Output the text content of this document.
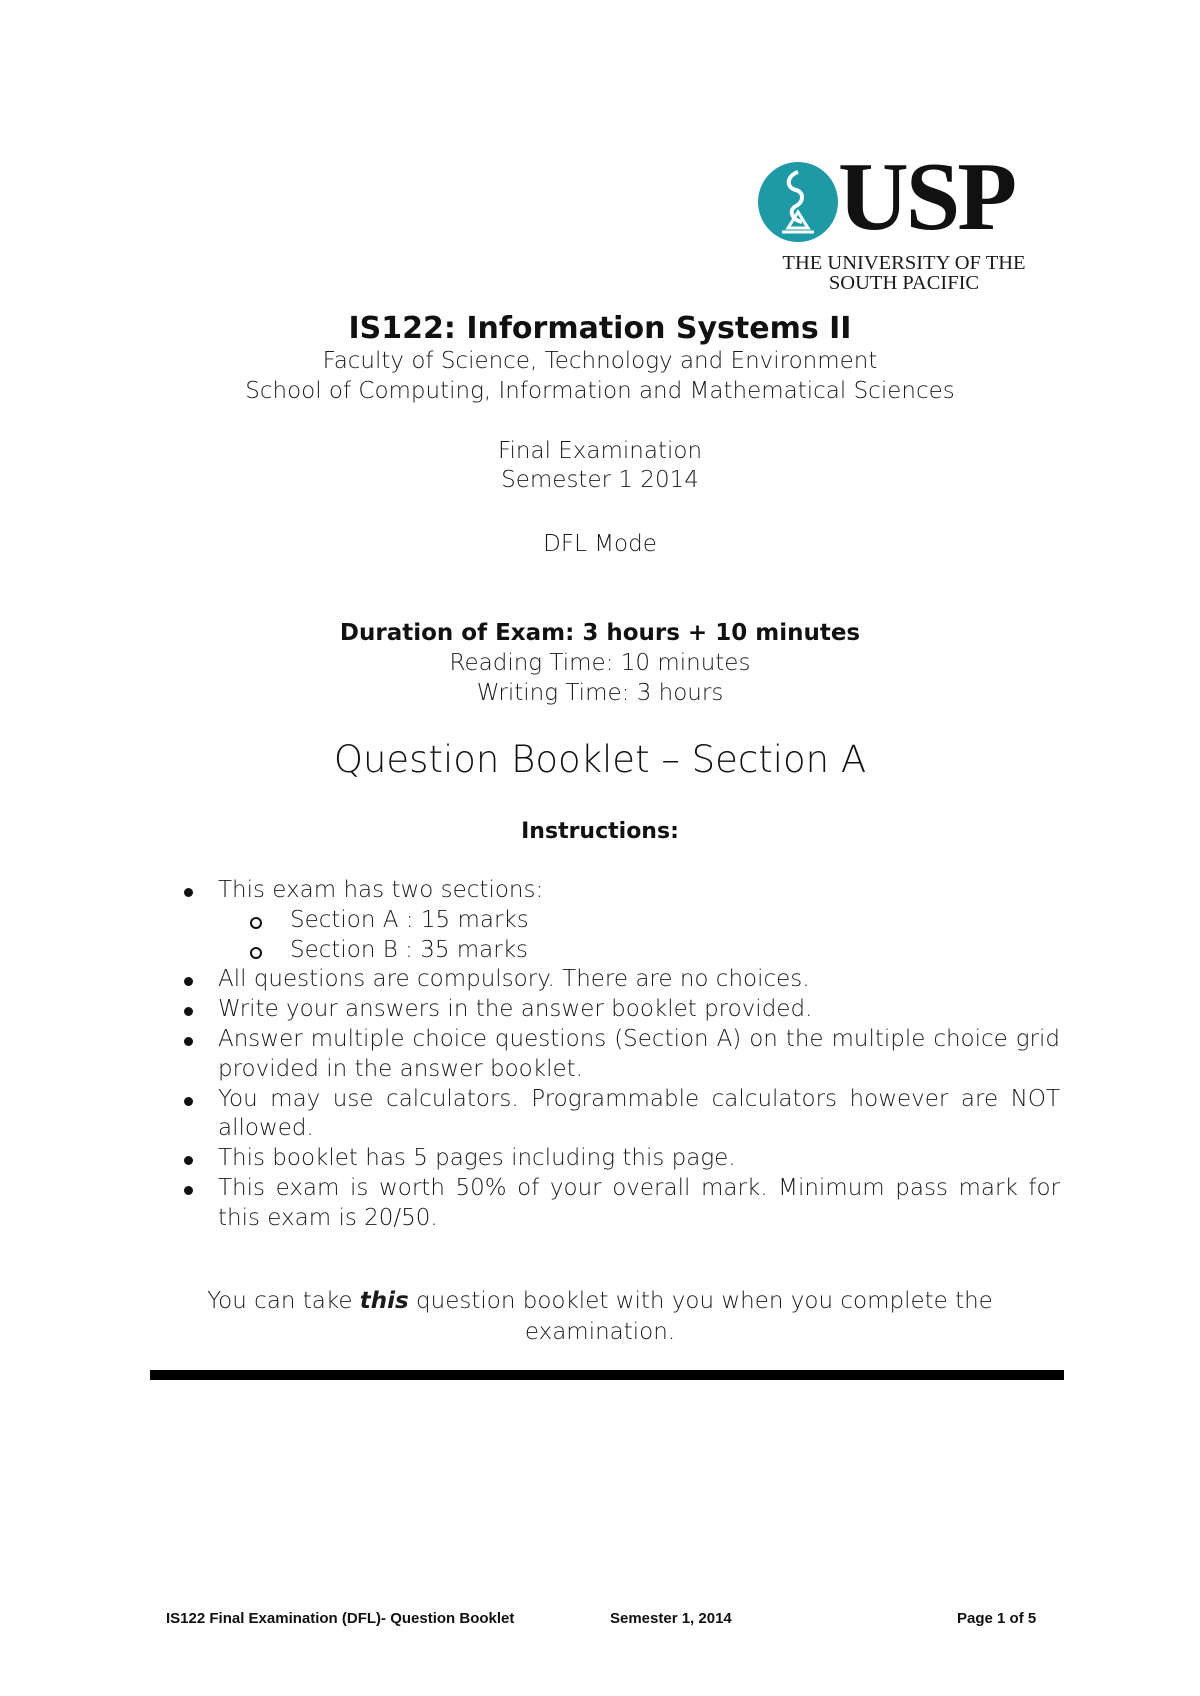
USP
THE UNIVERSITY OF THE
SOUTH PACIFIC
IS122: Information Systems II
Faculty of Science, Technology and Environment
School of Computing, Information and Mathematical Sciences
Final Examination
Semester 1 2014
DFL Mode
Duration of Exam: 3 hours + 10 minutes
Reading Time: 10 minutes
Writing Time: 3 hours
Question Booklet – Section A
Instructions:
This exam has two sections:
Section A : 15 marks
Section B : 35 marks
All questions are compulsory. There are no choices.
Write your answers in the answer booklet provided.
Answer multiple choice questions (Section A) on the multiple choice grid provided in the answer booklet.
You may use calculators. Programmable calculators however are NOT allowed.
This booklet has 5 pages including this page.
This exam is worth 50% of your overall mark. Minimum pass mark for this exam is 20/50.
You can take this question booklet with you when you complete the examination.
IS122 Final Examination (DFL)- Question Booklet	Semester 1, 2014	Page 1 of 5
